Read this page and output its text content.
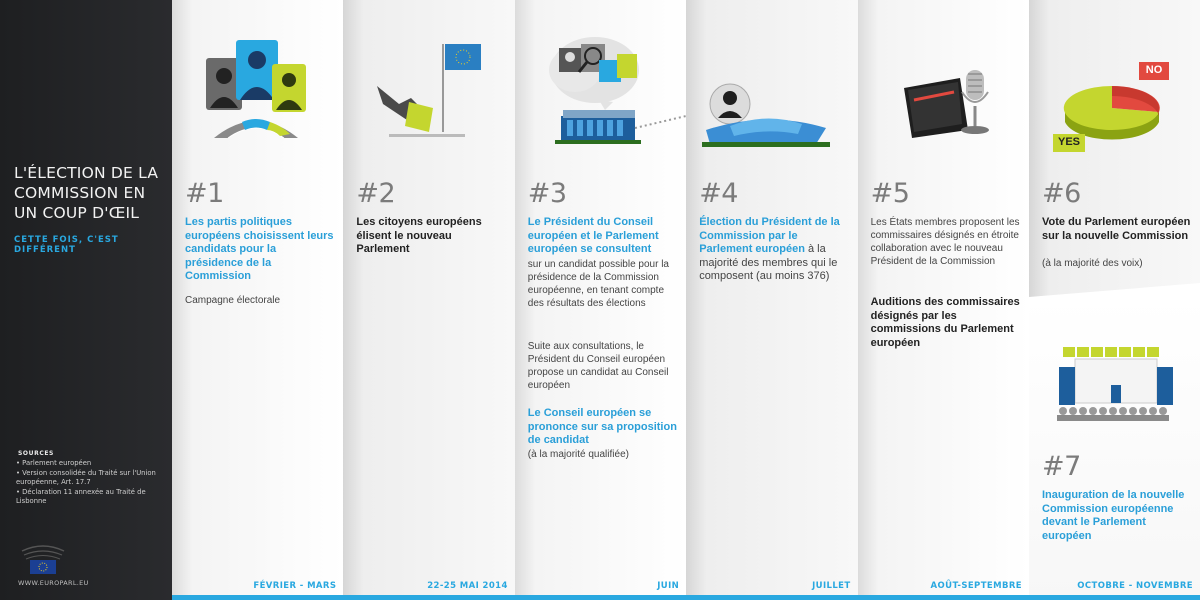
L'ÉLECTION DE LA COMMISSION EN UN COUP D'ŒIL
CETTE FOIS, C'EST DIFFÉRENT
SOURCES
• Parlement européen
• Version consolidée du Traité sur l'Union européenne, Art. 17.7
• Déclaration 11 annexée au Traité de Lisbonne
WWW.EUROPARL.EU
#1
Les partis politiques européens choisissent leurs candidats pour la présidence de la Commission
Campagne électorale
FÉVRIER - MARS
#2
Les citoyens européens élisent le nouveau Parlement
22-25 MAI 2014
#3
Le Président du Conseil européen et le Parlement européen se consultent
sur un candidat possible pour la présidence de la Commission européenne, en tenant compte des résultats des élections
Suite aux consultations, le Président du Conseil européen propose un candidat au Conseil européen
Le Conseil européen se prononce sur sa proposition de candidat
(à la majorité qualifiée)
JUIN
#4
Élection du Président de la Commission par le Parlement européen à la majorité des membres qui le composent (au moins 376)
JUILLET
#5
Les États membres proposent les commissaires désignés en étroite collaboration avec le nouveau Président de la Commission
Auditions des commissaires désignés par les commissions du Parlement européen
AOÛT-SEPTEMBRE
NO
YES
#6
Vote du Parlement européen sur la nouvelle Commission
(à la majorité des voix)
#7
Inauguration de la nouvelle Commission européenne devant le Parlement européen
OCTOBRE - NOVEMBRE
